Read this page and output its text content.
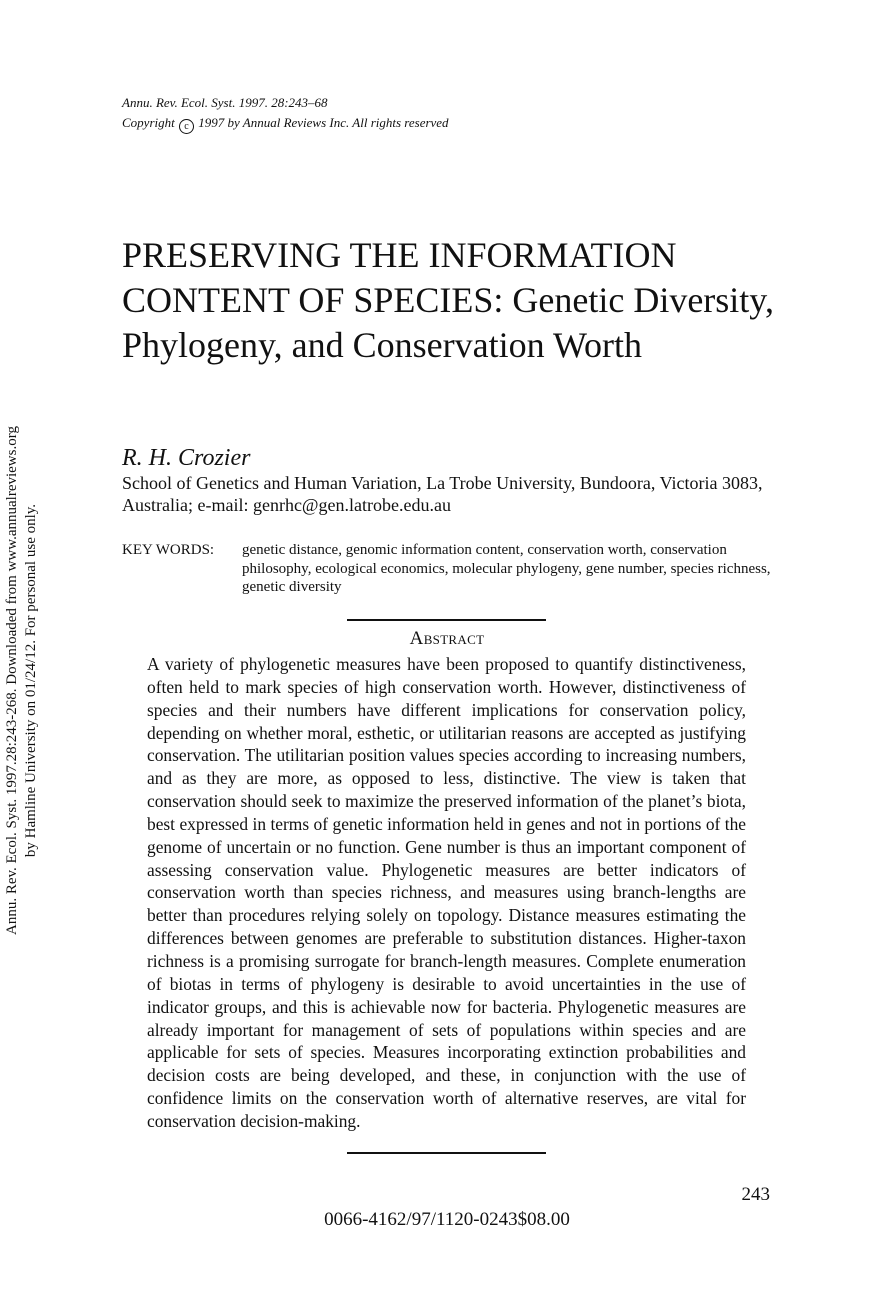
Annu. Rev. Ecol. Syst. 1997. 28:243–68
Copyright c 1997 by Annual Reviews Inc. All rights reserved
PRESERVING THE INFORMATION CONTENT OF SPECIES: Genetic Diversity, Phylogeny, and Conservation Worth
R. H. Crozier
School of Genetics and Human Variation, La Trobe University, Bundoora, Victoria 3083, Australia; e-mail: genrhc@gen.latrobe.edu.au
KEY WORDS: genetic distance, genomic information content, conservation worth, conservation philosophy, ecological economics, molecular phylogeny, gene number, species richness, genetic diversity
Abstract

A variety of phylogenetic measures have been proposed to quantify distinctiveness, often held to mark species of high conservation worth. However, distinctiveness of species and their numbers have different implications for conservation policy, depending on whether moral, esthetic, or utilitarian reasons are accepted as justifying conservation. The utilitarian position values species according to increasing numbers, and as they are more, as opposed to less, distinctive. The view is taken that conservation should seek to maximize the preserved information of the planet’s biota, best expressed in terms of genetic information held in genes and not in portions of the genome of uncertain or no function. Gene number is thus an important component of assessing conservation value. Phylogenetic measures are better indicators of conservation worth than species richness, and measures using branch-lengths are better than procedures relying solely on topology. Distance measures estimating the differences between genomes are preferable to substitution distances. Higher-taxon richness is a promising surrogate for branch-length measures. Complete enumeration of biotas in terms of phylogeny is desirable to avoid uncertainties in the use of indicator groups, and this is achievable now for bacteria. Phylogenetic measures are already important for management of sets of populations within species and are applicable for sets of species. Measures incorporating extinction probabilities and decision costs are being developed, and these, in conjunction with the use of confidence limits on the conservation worth of alternative reserves, are vital for conservation decision-making.

243
0066-4162/97/1120-0243$08.00
Annu. Rev. Ecol. Syst. 1997.28:243-268. Downloaded from www.annualreviews.org by Hamline University on 01/24/12. For personal use only.
